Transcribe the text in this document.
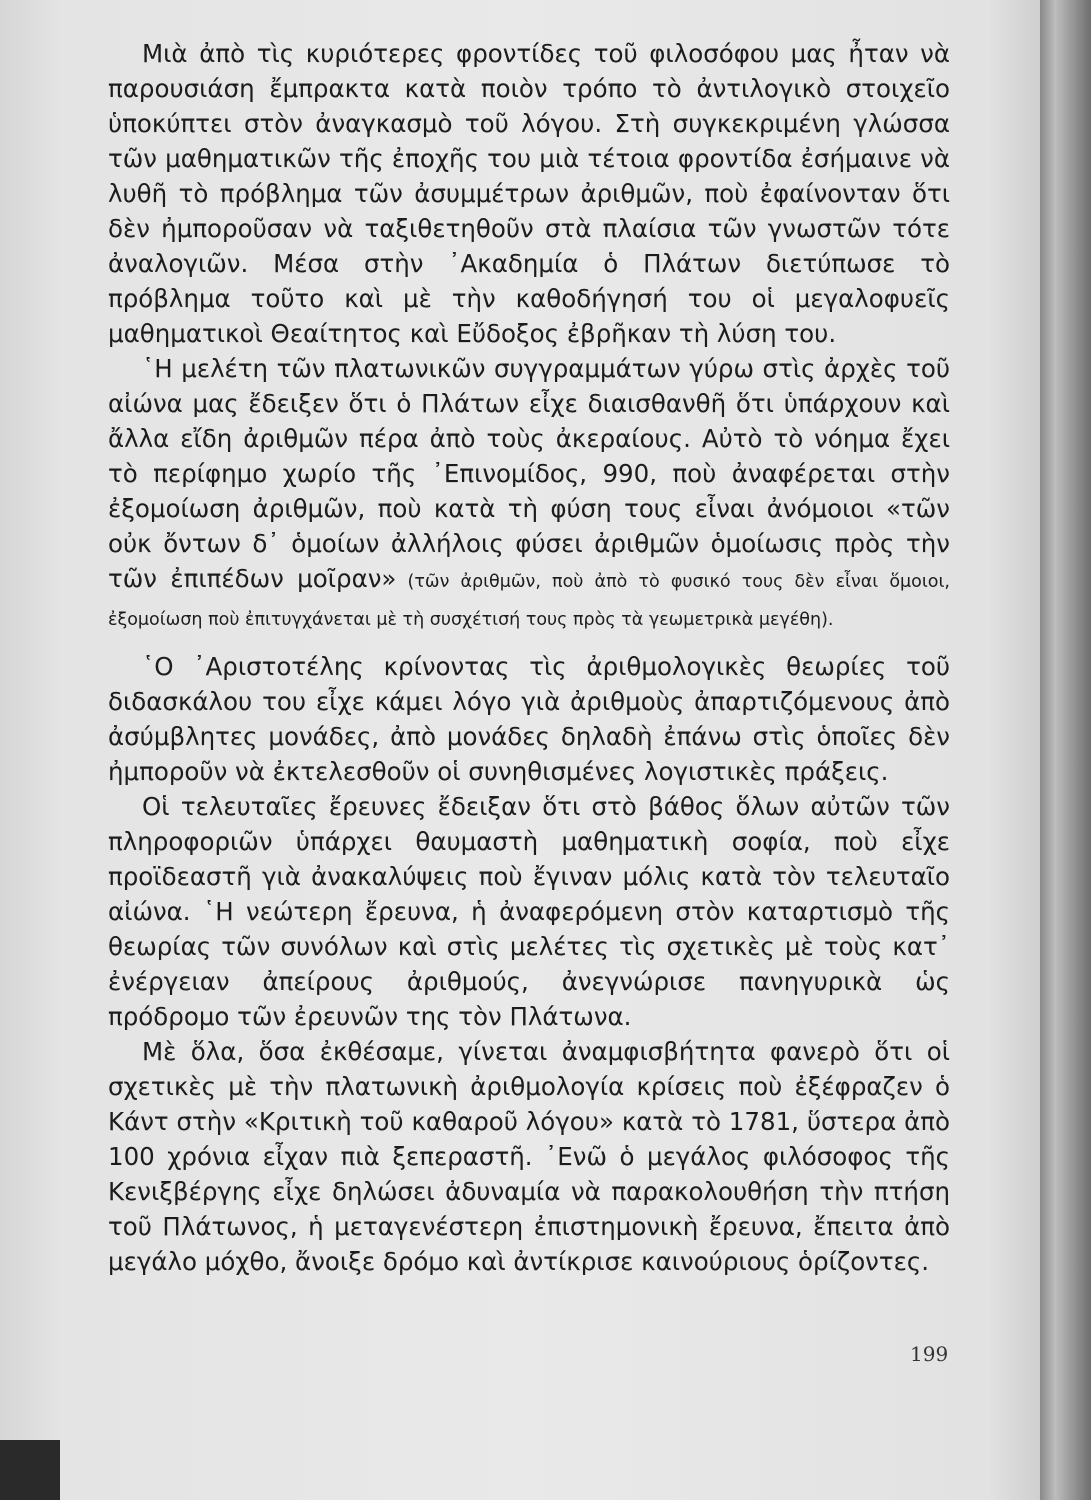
Μιὰ ἀπὸ τὶς κυριότερες φροντίδες τοῦ φιλοσόφου μας ἦταν νὰ παρουσιάση ἔμπρακτα κατὰ ποιὸν τρόπο τὸ ἀντιλογικὸ στοιχεῖο ὑποκύπτει στὸν ἀναγκασμὸ τοῦ λόγου. Στὴ συγκεκριμένη γλώσσα τῶν μαθηματικῶν τῆς ἐποχῆς του μιὰ τέτοια φροντίδα ἐσήμαινε νὰ λυθῆ τὸ πρόβλημα τῶν ἀσυμμέτρων ἀριθμῶν, ποὺ ἐφαίνονταν ὅτι δὲν ἠμποροῦσαν νὰ ταξιθετηθοῦν στὰ πλαίσια τῶν γνωστῶν τότε ἀναλογιῶν. Μέσα στὴν ᾿Ακαδημία ὁ Πλάτων διετύπωσε τὸ πρόβλημα τοῦτο καὶ μὲ τὴν καθοδήγησή του οἱ μεγαλοφυεῖς μαθηματικοὶ Θεαίτητος καὶ Εὔδοξος ἐβρῆκαν τὴ λύση του.

῾Η μελέτη τῶν πλατωνικῶν συγγραμμάτων γύρω στὶς ἀρχὲς τοῦ αἰώνα μας ἔδειξεν ὅτι ὁ Πλάτων εἶχε διαισθανθῆ ὅτι ὑπάρχουν καὶ ἄλλα εἴδη ἀριθμῶν πέρα ἀπὸ τοὺς ἀκεραίους. Αὐτὸ τὸ νόημα ἔχει τὸ περίφημο χωρίο τῆς ᾿Επινομίδος, 990, ποὺ ἀναφέρεται στὴν ἐξομοίωση ἀριθμῶν, ποὺ κατὰ τὴ φύση τους εἶναι ἀνόμοιοι «τῶν οὐκ ὄντων δ᾿ ὁμοίων ἀλλήλοις φύσει ἀριθμῶν ὁμοίωσις πρὸς τὴν τῶν ἐπιπέδων μοῖραν» (τῶν ἀριθμῶν, ποὺ ἀπὸ τὸ φυσικό τους δὲν εἶναι ὅμοιοι, ἐξομοίωση ποὺ ἐπιτυγχάνεται μὲ τὴ συσχέτισή τους πρὸς τὰ γεωμετρικὰ μεγέθη).

῾Ο ᾿Αριστοτέλης κρίνοντας τὶς ἀριθμολογικὲς θεωρίες τοῦ διδασκάλου του εἶχε κάμει λόγο γιὰ ἀριθμοὺς ἀπαρτιζόμενους ἀπὸ ἀσύμβλητες μονάδες, ἀπὸ μονάδες δηλαδὴ ἐπάνω στὶς ὁποῖες δὲν ἠμποροῦν νὰ ἐκτελεσθοῦν οἱ συνηθισμένες λογιστικὲς πράξεις.

Οἱ τελευταῖες ἔρευνες ἔδειξαν ὅτι στὸ βάθος ὅλων αὐτῶν τῶν πληροφοριῶν ὑπάρχει θαυμαστὴ μαθηματικὴ σοφία, ποὺ εἶχε προϊδεαστῆ γιὰ ἀνακαλύψεις ποὺ ἔγιναν μόλις κατὰ τὸν τελευταῖο αἰώνα. ῾Η νεώτερη ἔρευνα, ἡ ἀναφερόμενη στὸν καταρτισμὸ τῆς θεωρίας τῶν συνόλων καὶ στὶς μελέτες τὶς σχετικὲς μὲ τοὺς κατ᾿ ἐνέργειαν ἀπείρους ἀριθμούς, ἀνεγνώρισε πανηγυρικὰ ὡς πρόδρομο τῶν ἐρευνῶν της τὸν Πλάτωνα.

Μὲ ὅλα, ὅσα ἐκθέσαμε, γίνεται ἀναμφισβήτητα φανερὸ ὅτι οἱ σχετικὲς μὲ τὴν πλατωνικὴ ἀριθμολογία κρίσεις ποὺ ἐξέφραζεν ὁ Κάντ στὴν «Κριτικὴ τοῦ καθαροῦ λόγου» κατὰ τὸ 1781, ὕστερα ἀπὸ 100 χρόνια εἶχαν πιὰ ξεπεραστῆ. ᾿Ενῶ ὁ μεγάλος φιλόσοφος τῆς Κενιξβέργης εἶχε δηλώσει ἀδυναμία νὰ παρακολουθήση τὴν πτήση τοῦ Πλάτωνος, ἡ μεταγενέστερη ἐπιστημονικὴ ἔρευνα, ἔπειτα ἀπὸ μεγάλο μόχθο, ἄνοιξε δρόμο καὶ ἀντίκρισε καινούριους ὁρίζοντες.

199
